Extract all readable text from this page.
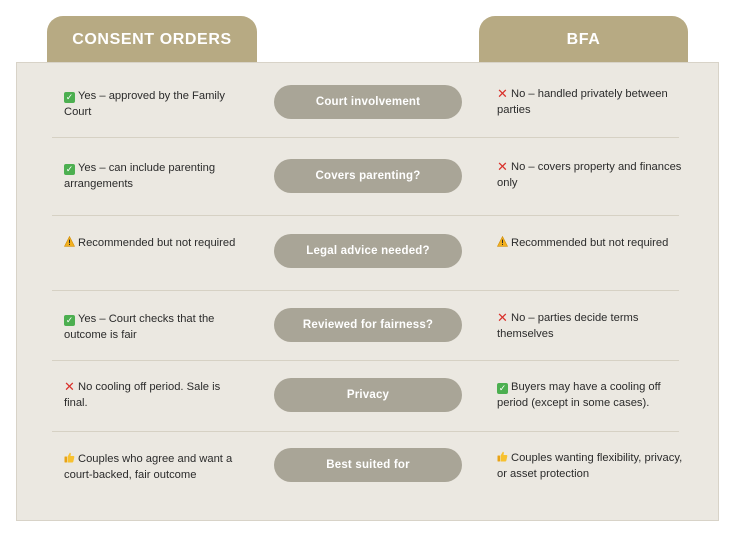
CONSENT ORDERS	BFA
Court involvement
✓ Yes – approved by the Family Court
✕ No – handled privately between parties
Covers parenting?
✓ Yes – can include parenting arrangements
✕ No – covers property and finances only
Legal advice needed?
Recommended but not required	Recommended but not required
Reviewed for fairness?
✓ Yes – Court checks that the outcome is fair
✕ No – parties decide terms themselves
Privacy
✕ No cooling off period. Sale is final.
✓ Buyers may have a cooling off period (except in some cases).
Best suited for
Couples who agree and want a court-backed, fair outcome
Couples wanting flexibility, privacy, or asset protection
